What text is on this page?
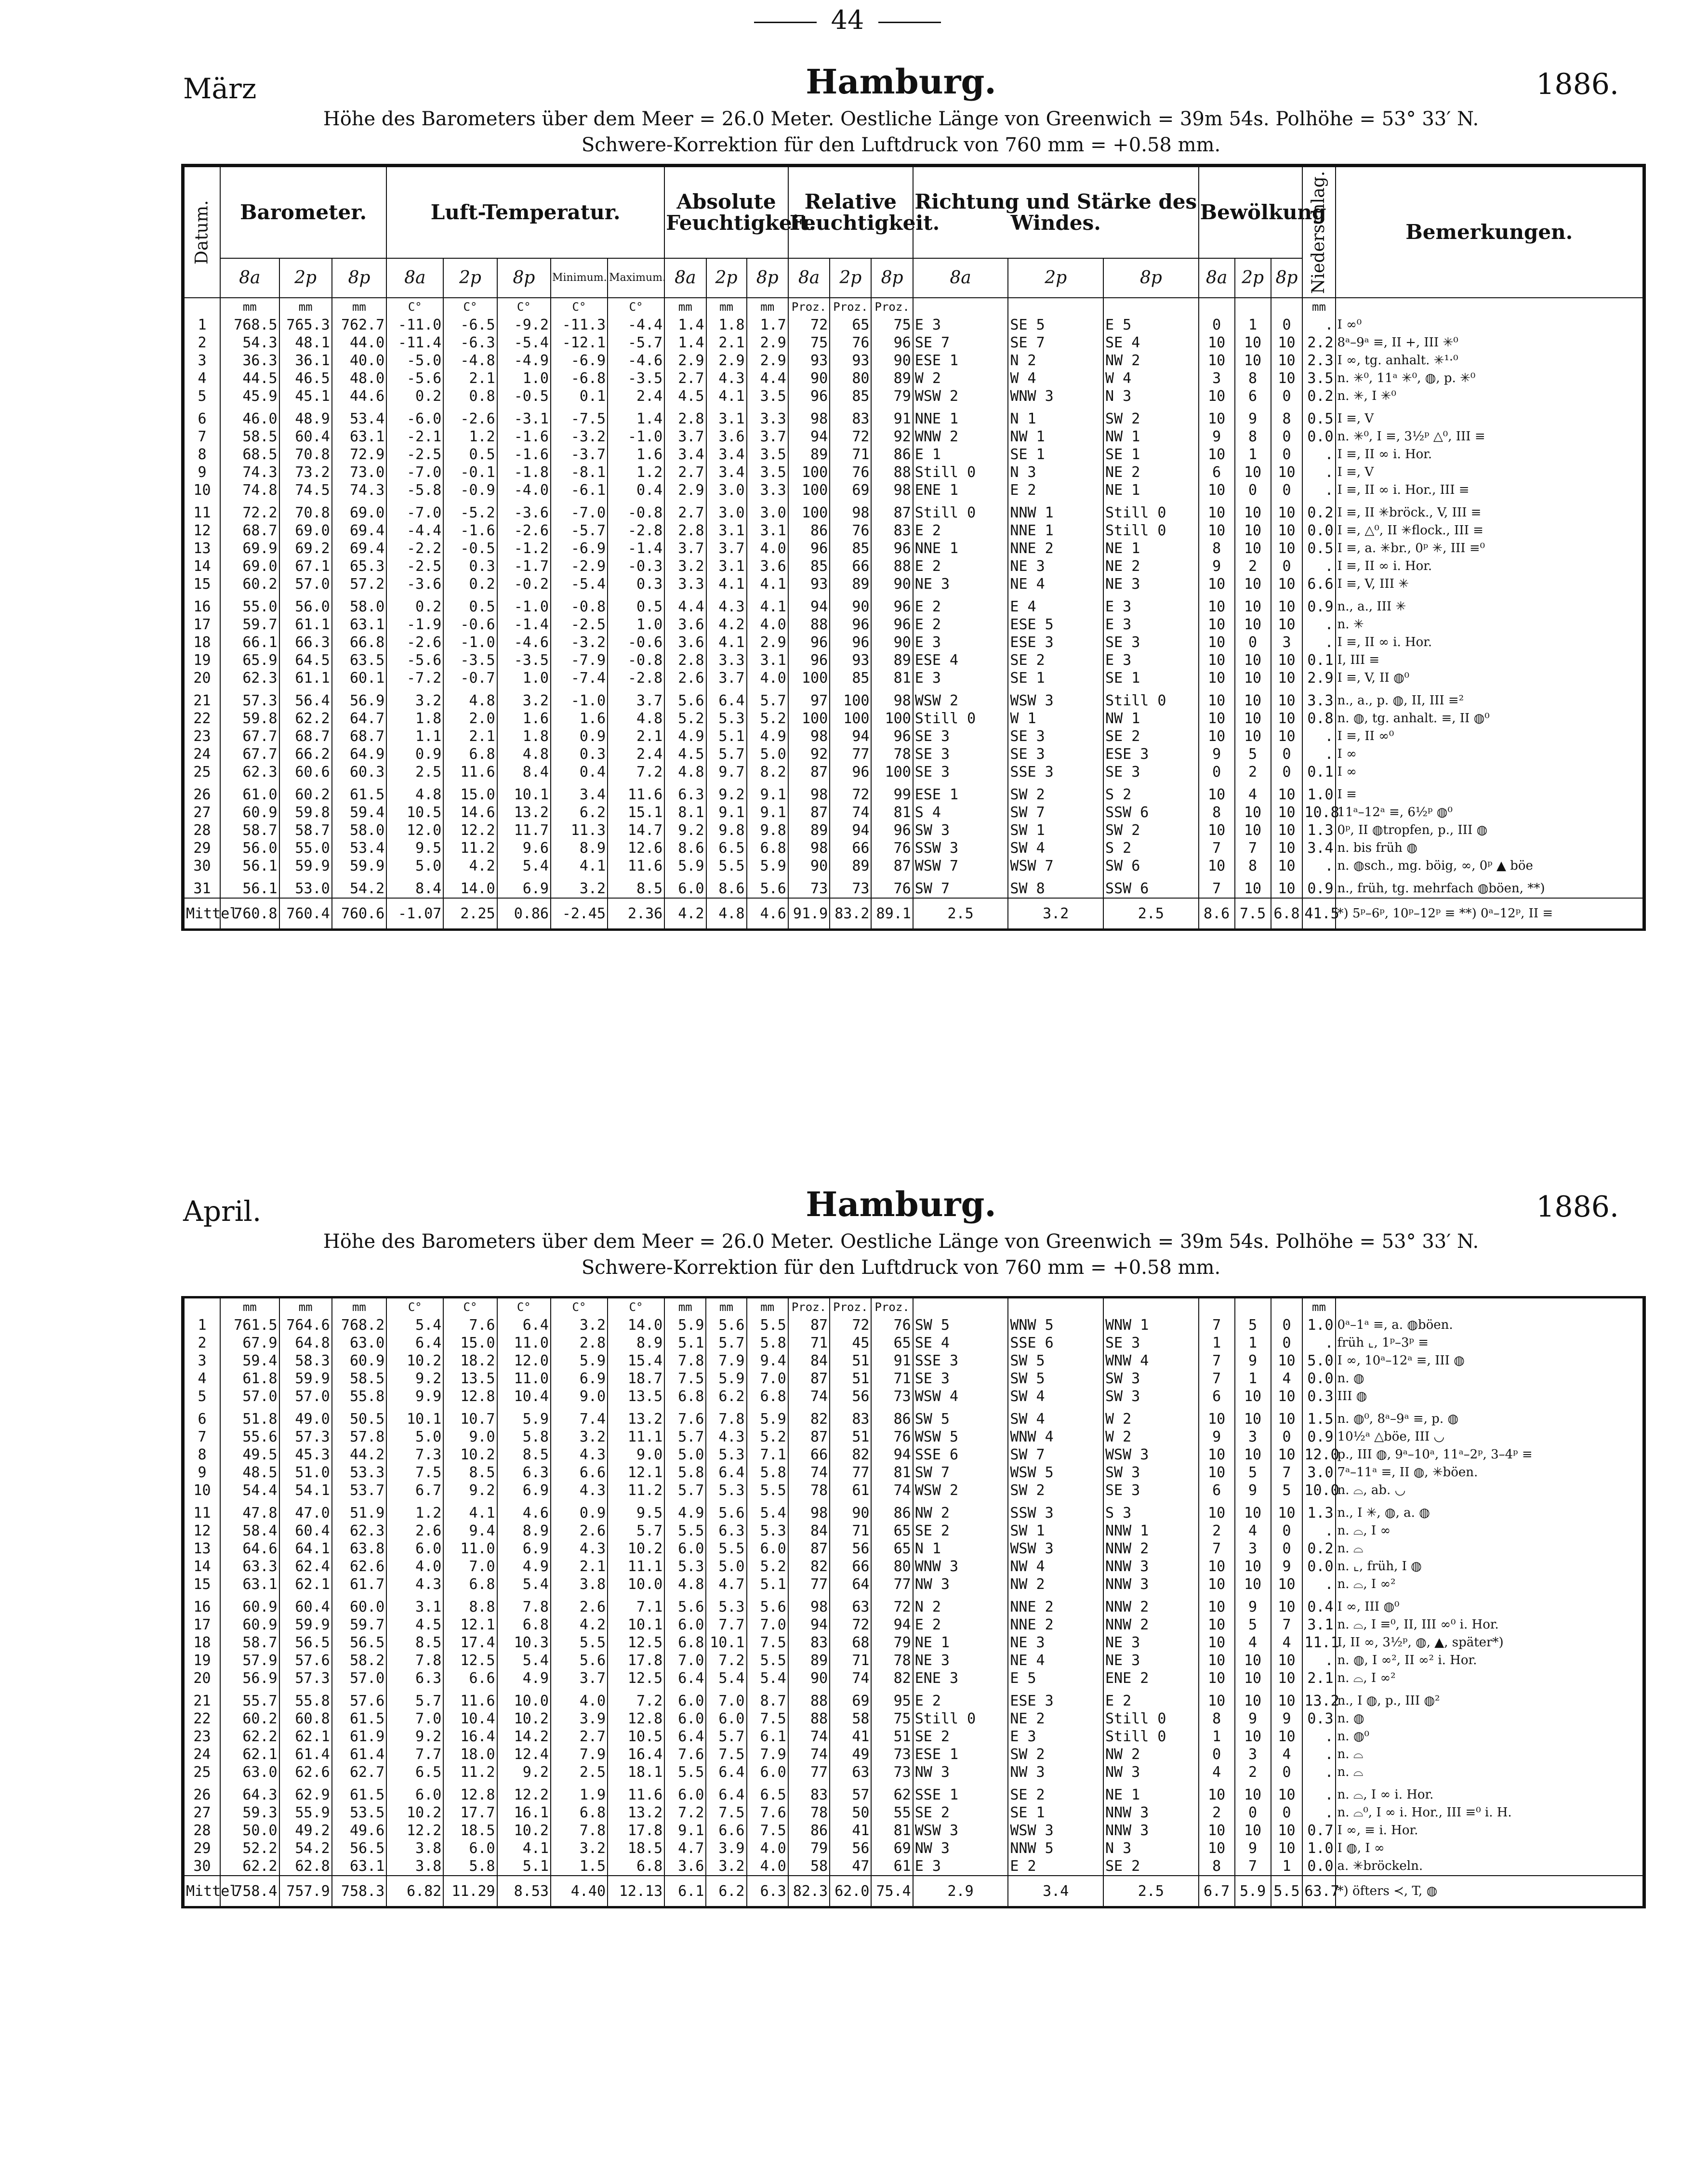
44
März	Hamburg.	1886.
Höhe des Barometers über dem Meer = 26.0 Meter. Oestliche Länge von Greenwich = 39m 54s. Polhöhe = 53° 33′ N.
Schwere-Korrektion für den Luftdruck von 760 mm = +0.58 mm.
Datum.	Barometer.			Luft-Temperatur.					Absolute Feuchtigkeit.			Relative Feuchtigkeit.			Richtung und Stärke des Windes.			Bewölkung			Niederschlag.	Bemerkungen.
	8a	2p	8p	8a	2p	8p	Minimum.	Maximum.	8a	2p	8p	8a	2p	8p	8a	2p	8p	8a	2p	8p		
	mm	mm	mm	C°	C°	C°	C°	C°	mm	mm	mm	Proz.	Proz.	Proz.							mm	
1	768.5	765.3	762.7	-11.0	-6.5	-9.2	-11.3	-4.4	1.4	1.8	1.7	72	65	75	E 3	SE 5	E 5	0	1	0	.	I ∞⁰
2	54.3	48.1	44.0	-11.4	-6.3	-5.4	-12.1	-5.7	1.4	2.1	2.9	75	76	96	SE 7	SE 7	SE 4	10	10	10	2.2	8ᵃ–9ᵃ ≡, II +, III ✳⁰
3	36.3	36.1	40.0	-5.0	-4.8	-4.9	-6.9	-4.6	2.9	2.9	2.9	93	93	90	ESE 1	N 2	NW 2	10	10	10	2.3	I ∞, tg. anhalt. ✳¹·⁰
4	44.5	46.5	48.0	-5.6	2.1	1.0	-6.8	-3.5	2.7	4.3	4.4	90	80	89	W 2	W 4	W 4	3	8	10	3.5	n. ✳⁰, 11ᵃ ✳⁰, ◍, p. ✳⁰
5	45.9	45.1	44.6	0.2	0.8	-0.5	0.1	2.4	4.5	4.1	3.5	96	85	79	WSW 2	WNW 3	N 3	10	6	0	0.2	n. ✳, I ✳⁰

6	46.0	48.9	53.4	-6.0	-2.6	-3.1	-7.5	1.4	2.8	3.1	3.3	98	83	91	NNE 1	N 1	SW 2	10	9	8	0.5	I ≡, V
7	58.5	60.4	63.1	-2.1	1.2	-1.6	-3.2	-1.0	3.7	3.6	3.7	94	72	92	WNW 2	NW 1	NW 1	9	8	0	0.0	n. ✳⁰, I ≡, 3½ᵖ △⁰, III ≡
8	68.5	70.8	72.9	-2.5	0.5	-1.6	-3.7	1.6	3.4	3.4	3.5	89	71	86	E 1	SE 1	SE 1	10	1	0	.	I ≡, II ∞ i. Hor.
9	74.3	73.2	73.0	-7.0	-0.1	-1.8	-8.1	1.2	2.7	3.4	3.5	100	76	88	Still 0	N 3	NE 2	6	10	10	.	I ≡, V
10	74.8	74.5	74.3	-5.8	-0.9	-4.0	-6.1	0.4	2.9	3.0	3.3	100	69	98	ENE 1	E 2	NE 1	10	0	0	.	I ≡, II ∞ i. Hor., III ≡

11	72.2	70.8	69.0	-7.0	-5.2	-3.6	-7.0	-0.8	2.7	3.0	3.0	100	98	87	Still 0	NNW 1	Still 0	10	10	10	0.2	I ≡, II ✳bröck., V, III ≡
12	68.7	69.0	69.4	-4.4	-1.6	-2.6	-5.7	-2.8	2.8	3.1	3.1	86	76	83	E 2	NNE 1	Still 0	10	10	10	0.0	I ≡, △⁰, II ✳flock., III ≡
13	69.9	69.2	69.4	-2.2	-0.5	-1.2	-6.9	-1.4	3.7	3.7	4.0	96	85	96	NNE 1	NNE 2	NE 1	8	10	10	0.5	I ≡, a. ✳br., 0ᵖ ✳, III ≡⁰
14	69.0	67.1	65.3	-2.5	0.3	-1.7	-2.9	-0.3	3.2	3.1	3.6	85	66	88	E 2	NE 3	NE 2	9	2	0	.	I ≡, II ∞ i. Hor.
15	60.2	57.0	57.2	-3.6	0.2	-0.2	-5.4	0.3	3.3	4.1	4.1	93	89	90	NE 3	NE 4	NE 3	10	10	10	6.6	I ≡, V, III ✳

16	55.0	56.0	58.0	0.2	0.5	-1.0	-0.8	0.5	4.4	4.3	4.1	94	90	96	E 2	E 4	E 3	10	10	10	0.9	n., a., III ✳
17	59.7	61.1	63.1	-1.9	-0.6	-1.4	-2.5	1.0	3.6	4.2	4.0	88	96	96	E 2	ESE 5	E 3	10	10	10	.	n. ✳
18	66.1	66.3	66.8	-2.6	-1.0	-4.6	-3.2	-0.6	3.6	4.1	2.9	96	96	90	E 3	ESE 3	SE 3	10	0	3	.	I ≡, II ∞ i. Hor.
19	65.9	64.5	63.5	-5.6	-3.5	-3.5	-7.9	-0.8	2.8	3.3	3.1	96	93	89	ESE 4	SE 2	E 3	10	10	10	0.1	I, III ≡
20	62.3	61.1	60.1	-7.2	-0.7	1.0	-7.4	-2.8	2.6	3.7	4.0	100	85	81	E 3	SE 1	SE 1	10	10	10	2.9	I ≡, V, II ◍⁰

21	57.3	56.4	56.9	3.2	4.8	3.2	-1.0	3.7	5.6	6.4	5.7	97	100	98	WSW 2	WSW 3	Still 0	10	10	10	3.3	n., a., p. ◍, II, III ≡²
22	59.8	62.2	64.7	1.8	2.0	1.6	1.6	4.8	5.2	5.3	5.2	100	100	100	Still 0	W 1	NW 1	10	10	10	0.8	n. ◍, tg. anhalt. ≡, II ◍⁰
23	67.7	68.7	68.7	1.1	2.1	1.8	0.9	2.1	4.9	5.1	4.9	98	94	96	SE 3	SE 3	SE 2	10	10	10	.	I ≡, II ∞⁰
24	67.7	66.2	64.9	0.9	6.8	4.8	0.3	2.4	4.5	5.7	5.0	92	77	78	SE 3	SE 3	ESE 3	9	5	0	.	I ∞
25	62.3	60.6	60.3	2.5	11.6	8.4	0.4	7.2	4.8	9.7	8.2	87	96	100	SE 3	SSE 3	SE 3	0	2	0	0.1	I ∞

26	61.0	60.2	61.5	4.8	15.0	10.1	3.4	11.6	6.3	9.2	9.1	98	72	99	ESE 1	SW 2	S 2	10	4	10	1.0	I ≡
27	60.9	59.8	59.4	10.5	14.6	13.2	6.2	15.1	8.1	9.1	9.1	87	74	81	S 4	SW 7	SSW 6	8	10	10	10.8	11ᵃ–12ᵃ ≡, 6½ᵖ ◍⁰
28	58.7	58.7	58.0	12.0	12.2	11.7	11.3	14.7	9.2	9.8	9.8	89	94	96	SW 3	SW 1	SW 2	10	10	10	1.3	0ᵖ, II ◍tropfen, p., III ◍
29	56.0	55.0	53.4	9.5	11.2	9.6	8.9	12.6	8.6	6.5	6.8	98	66	76	SSW 3	SW 4	S 2	7	7	10	3.4	n. bis früh ◍
30	56.1	59.9	59.9	5.0	4.2	5.4	4.1	11.6	5.9	5.5	5.9	90	89	87	WSW 7	WSW 7	SW 6	10	8	10	.	n. ◍sch., mg. böig, ∞, 0ᵖ ▲ böe

31	56.1	53.0	54.2	8.4	14.0	6.9	3.2	8.5	6.0	8.6	5.6	73	73	76	SW 7	SW 8	SSW 6	7	10	10	0.9	n., früh, tg. mehrfach ◍böen, **)
Mittel	760.8	760.4	760.6	-1.07	2.25	0.86	-2.45	2.36	4.2	4.8	4.6	91.9	83.2	89.1	2.5	3.2	2.5	8.6	7.5	6.8	41.5	*) 5ᵖ–6ᵖ, 10ᵖ–12ᵖ ≡ **) 0ᵃ–12ᵖ, II ≡
April.	Hamburg.	1886.
Höhe des Barometers über dem Meer = 26.0 Meter. Oestliche Länge von Greenwich = 39m 54s. Polhöhe = 53° 33′ N.
Schwere-Korrektion für den Luftdruck von 760 mm = +0.58 mm.
	mm	mm	mm	C°	C°	C°	C°	C°	mm	mm	mm	Proz.	Proz.	Proz.							mm	
1	761.5	764.6	768.2	5.4	7.6	6.4	3.2	14.0	5.9	5.6	5.5	87	72	76	SW 5	WNW 5	WNW 1	7	5	0	1.0	0ᵃ–1ᵃ ≡, a. ◍böen.
2	67.9	64.8	63.0	6.4	15.0	11.0	2.8	8.9	5.1	5.7	5.8	71	45	65	SE 4	SSE 6	SE 3	1	1	0	.	früh ⌞, 1ᵖ–3ᵖ ≡
3	59.4	58.3	60.9	10.2	18.2	12.0	5.9	15.4	7.8	7.9	9.4	84	51	91	SSE 3	SW 5	WNW 4	7	9	10	5.0	I ∞, 10ᵃ–12ᵃ ≡, III ◍
4	61.8	59.9	58.5	9.2	13.5	11.0	6.9	18.7	7.5	5.9	7.0	87	51	71	SE 3	SW 5	SW 3	7	1	4	0.0	n. ◍
5	57.0	57.0	55.8	9.9	12.8	10.4	9.0	13.5	6.8	6.2	6.8	74	56	73	WSW 4	SW 4	SW 3	6	10	10	0.3	III ◍

6	51.8	49.0	50.5	10.1	10.7	5.9	7.4	13.2	7.6	7.8	5.9	82	83	86	SW 5	SW 4	W 2	10	10	10	1.5	n. ◍⁰, 8ᵃ–9ᵃ ≡, p. ◍
7	55.6	57.3	57.8	5.0	9.0	5.8	3.2	11.1	5.7	4.3	5.2	87	51	76	WSW 5	WNW 4	W 2	9	3	0	0.9	10½ᵃ △böe, III ◡
8	49.5	45.3	44.2	7.3	10.2	8.5	4.3	9.0	5.0	5.3	7.1	66	82	94	SSE 6	SW 7	WSW 3	10	10	10	12.0	p., III ◍, 9ᵃ–10ᵃ, 11ᵃ–2ᵖ, 3–4ᵖ ≡
9	48.5	51.0	53.3	7.5	8.5	6.3	6.6	12.1	5.8	6.4	5.8	74	77	81	SW 7	WSW 5	SW 3	10	5	7	3.0	7ᵃ–11ᵃ ≡, II ◍, ✳böen.
10	54.4	54.1	53.7	6.7	9.2	6.9	4.3	11.2	5.7	5.3	5.5	78	61	74	WSW 2	SW 2	SE 3	6	9	5	10.0	n. ⌓, ab. ◡

11	47.8	47.0	51.9	1.2	4.1	4.6	0.9	9.5	4.9	5.6	5.4	98	90	86	NW 2	SSW 3	S 3	10	10	10	1.3	n., I ✳, ◍, a. ◍
12	58.4	60.4	62.3	2.6	9.4	8.9	2.6	5.7	5.5	6.3	5.3	84	71	65	SE 2	SW 1	NNW 1	2	4	0	.	n. ⌓, I ∞
13	64.6	64.1	63.8	6.0	11.0	6.9	4.3	10.2	6.0	5.5	6.0	87	56	65	N 1	WSW 3	NNW 2	7	3	0	0.2	n. ⌓
14	63.3	62.4	62.6	4.0	7.0	4.9	2.1	11.1	5.3	5.0	5.2	82	66	80	WNW 3	NW 4	NNW 3	10	10	9	0.0	n. ⌞, früh, I ◍
15	63.1	62.1	61.7	4.3	6.8	5.4	3.8	10.0	4.8	4.7	5.1	77	64	77	NW 3	NW 2	NNW 3	10	10	10	.	n. ⌓, I ∞²

16	60.9	60.4	60.0	3.1	8.8	7.8	2.6	7.1	5.6	5.3	5.6	98	63	72	N 2	NNE 2	NNW 2	10	9	10	0.4	I ∞, III ◍⁰
17	60.9	59.9	59.7	4.5	12.1	6.8	4.2	10.1	6.0	7.7	7.0	94	72	94	E 2	NNE 2	NNW 2	10	5	7	3.1	n. ⌓, I ≡⁰, II, III ∞⁰ i. Hor.
18	58.7	56.5	56.5	8.5	17.4	10.3	5.5	12.5	6.8	10.1	7.5	83	68	79	NE 1	NE 3	NE 3	10	4	4	11.1	I, II ∞, 3½ᵖ, ◍, ▲, später*)
19	57.9	57.6	58.2	7.8	12.5	5.4	5.6	17.8	7.0	7.2	5.5	89	71	78	NE 3	NE 4	NE 3	10	10	10	.	n. ◍, I ∞², II ∞² i. Hor.
20	56.9	57.3	57.0	6.3	6.6	4.9	3.7	12.5	6.4	5.4	5.4	90	74	82	ENE 3	E 5	ENE 2	10	10	10	2.1	n. ⌓, I ∞²

21	55.7	55.8	57.6	5.7	11.6	10.0	4.0	7.2	6.0	7.0	8.7	88	69	95	E 2	ESE 3	E 2	10	10	10	13.2	n., I ◍, p., III ◍²
22	60.2	60.8	61.5	7.0	10.4	10.2	3.9	12.8	6.0	6.0	7.5	88	58	75	Still 0	NE 2	Still 0	8	9	9	0.3	n. ◍
23	62.2	62.1	61.9	9.2	16.4	14.2	2.7	10.5	6.4	5.7	6.1	74	41	51	SE 2	E 3	Still 0	1	10	10	.	n. ◍⁰
24	62.1	61.4	61.4	7.7	18.0	12.4	7.9	16.4	7.6	7.5	7.9	74	49	73	ESE 1	SW 2	NW 2	0	3	4	.	n. ⌓
25	63.0	62.6	62.7	6.5	11.2	9.2	2.5	18.1	5.5	6.4	6.0	77	63	73	NW 3	NW 3	NW 3	4	2	0	.	n. ⌓

26	64.3	62.9	61.5	6.0	12.8	12.2	1.9	11.6	6.0	6.4	6.5	83	57	62	SSE 1	SE 2	NE 1	10	10	10	.	n. ⌓, I ∞ i. Hor.
27	59.3	55.9	53.5	10.2	17.7	16.1	6.8	13.2	7.2	7.5	7.6	78	50	55	SE 2	SE 1	NNW 3	2	0	0	.	n. ⌓⁰, I ∞ i. Hor., III ≡⁰ i. H.
28	50.0	49.2	49.6	12.2	18.5	10.2	7.8	17.8	9.1	6.6	7.5	86	41	81	WSW 3	WSW 3	NNW 3	10	10	10	0.7	I ∞, ≡ i. Hor.
29	52.2	54.2	56.5	3.8	6.0	4.1	3.2	18.5	4.7	3.9	4.0	79	56	69	NW 3	NNW 5	N 3	10	9	10	1.0	I ◍, I ∞
30	62.2	62.8	63.1	3.8	5.8	5.1	1.5	6.8	3.6	3.2	4.0	58	47	61	E 3	E 2	SE 2	8	7	1	0.0	a. ✳bröckeln.
Mittel	758.4	757.9	758.3	6.82	11.29	8.53	4.40	12.13	6.1	6.2	6.3	82.3	62.0	75.4	2.9	3.4	2.5	6.7	5.9	5.5	63.7	*) öfters ≺, T, ◍
